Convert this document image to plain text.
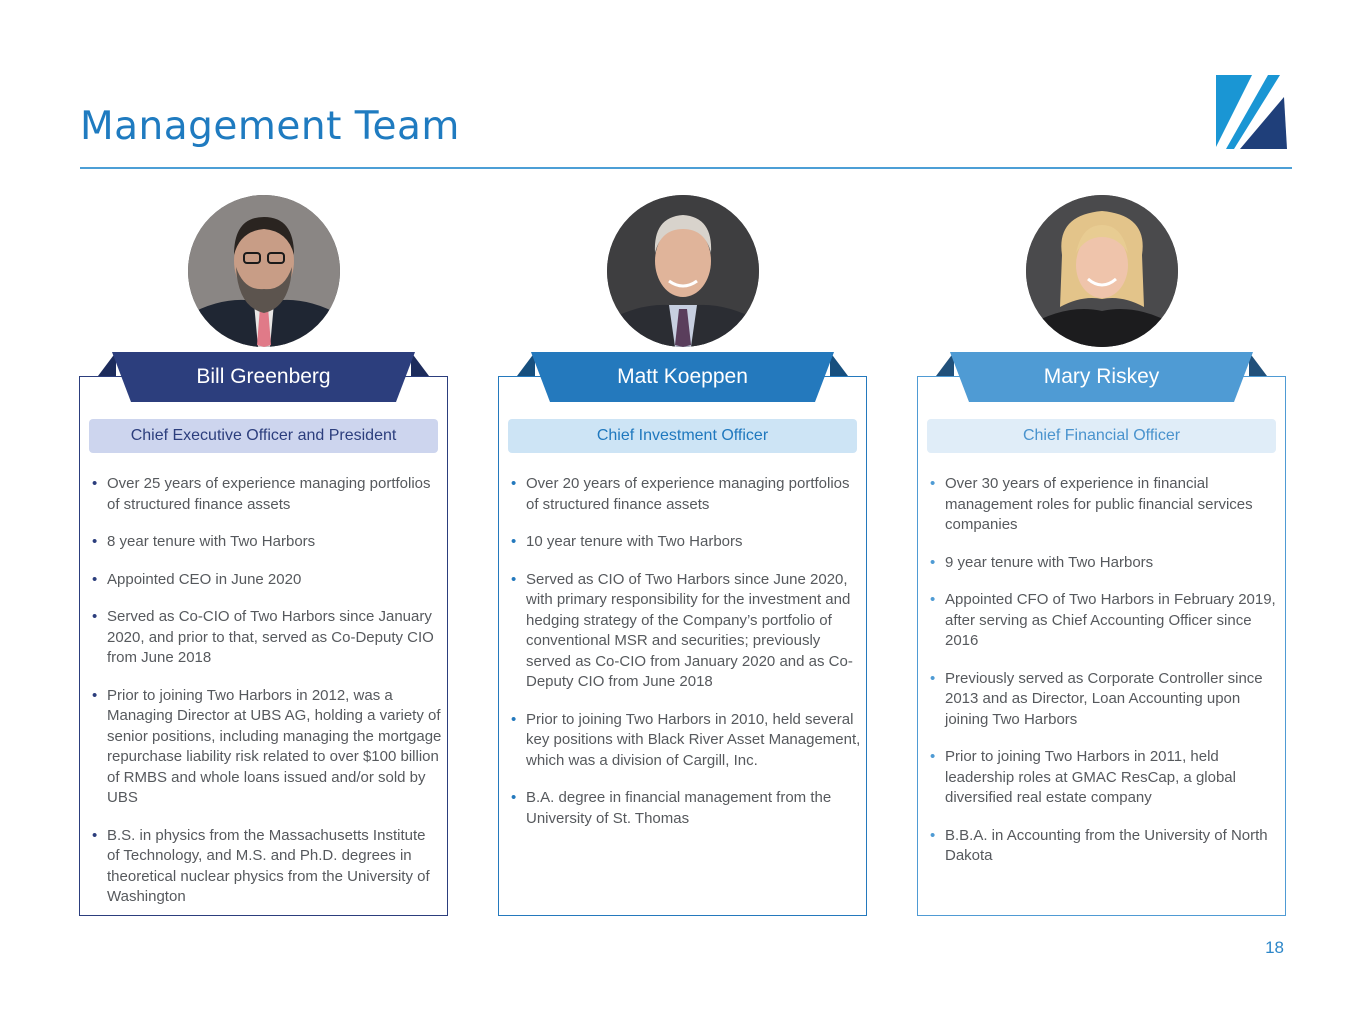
Management Team
Chief Executive Officer and President
• Over 25 years of experience managing portfolios of structured finance assets
• 8 year tenure with Two Harbors
• Appointed CEO in June 2020
• Served as Co-CIO of Two Harbors since January 2020, and prior to that, served as Co-Deputy CIO from June 2018
• Prior to joining Two Harbors in 2012, was a Managing Director at UBS AG, holding a variety of senior positions, including managing the mortgage repurchase liability risk related to over $100 billion of RMBS and whole loans issued and/or sold by UBS
• B.S. in physics from the Massachusetts Institute of Technology, and M.S. and Ph.D. degrees in theoretical nuclear physics from the University of Washington
Bill Greenberg
Chief Investment Officer
• Over 20 years of experience managing portfolios of structured finance assets
• 10 year tenure with Two Harbors
• Served as CIO of Two Harbors since June 2020, with primary responsibility for the investment and hedging strategy of the Company’s portfolio of conventional MSR and securities; previously served as Co-CIO from January 2020 and as Co-Deputy CIO from June 2018
• Prior to joining Two Harbors in 2010, held several key positions with Black River Asset Management, which was a division of Cargill, Inc.
• B.A. degree in financial management from the University of St. Thomas
Matt Koeppen
Chief Financial Officer
• Over 30 years of experience in financial management roles for public financial services companies
• 9 year tenure with Two Harbors
• Appointed CFO of Two Harbors in February 2019, after serving as Chief Accounting Officer since 2016
• Previously served as Corporate Controller since 2013 and as Director, Loan Accounting upon joining Two Harbors
• Prior to joining Two Harbors in 2011, held leadership roles at GMAC ResCap, a global diversified real estate company
• B.B.A. in Accounting from the University of North Dakota
Mary Riskey
18
